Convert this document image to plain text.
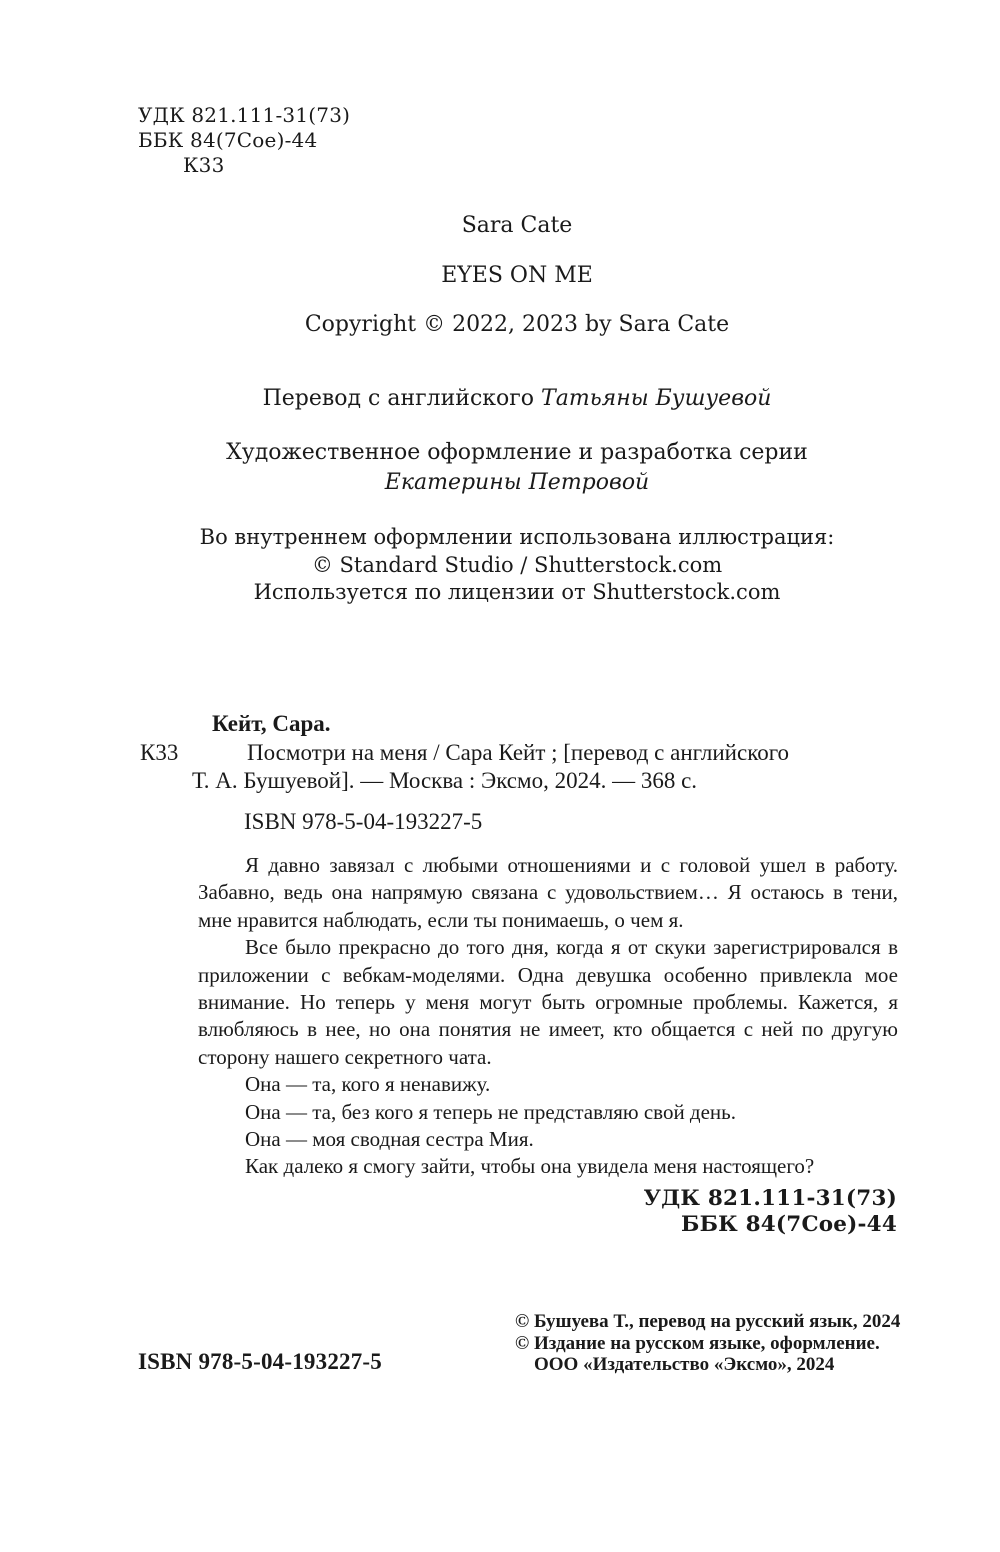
УДК 821.111-31(73)
ББК 84(7Сое)-44
К33
Sara Cate
EYES ON ME
Copyright © 2022, 2023 by Sara Cate
Перевод с английского Татьяны Бушуевой
Художественное оформление и разработка серии
Екатерины Петровой
Во внутреннем оформлении использована иллюстрация:
© Standard Studio / Shutterstock.com
Используется по лицензии от Shutterstock.com
Кейт, Сара.
К33	Посмотри на меня / Сара Кейт ; [перевод с английского
Т. А. Бушуевой]. — Москва : Эксмо, 2024. — 368 с.
ISBN 978-5-04-193227-5

Я давно завязал с любыми отношениями и с головой ушел в работу. Забавно, ведь она напрямую связана с удовольствием… Я остаюсь в тени, мне нравится наблюдать, если ты понимаешь, о чем я.

Все было прекрасно до того дня, когда я от скуки зарегистрировался в приложении с вебкам-моделями. Одна девушка особенно привлекла мое внимание. Но теперь у меня могут быть огромные проблемы. Кажется, я влюбляюсь в нее, но она понятия не имеет, кто общается с ней по другую сторону нашего секретного чата.

Она — та, кого я ненавижу.

Она — та, без кого я теперь не представляю свой день.

Она — моя сводная сестра Мия.

Как далеко я смогу зайти, чтобы она увидела меня настоящего?

УДК 821.111-31(73)
ББК 84(7Сое)-44
ISBN 978-5-04-193227-5
© Бушуева Т., перевод на русский язык, 2024
© Издание на русском языке, оформление.
ООО «Издательство «Эксмо», 2024
